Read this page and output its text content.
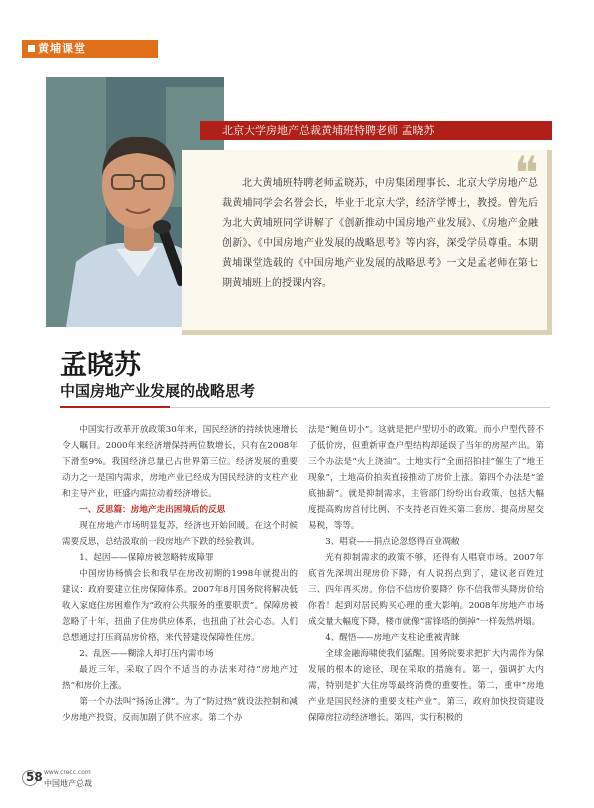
黄埔课堂
北京大学房地产总裁黄埔班特聘老师 孟晓苏
❝

北大黄埔班特聘老师孟晓苏，中房集团理事长、北京大学房地产总裁黄埔同学会名誉会长，毕业于北京大学，经济学博士，教授。曾先后为北大黄埔班同学讲解了《创新推动中国房地产业发展》、《房地产金融创新》、《中国房地产业发展的战略思考》等内容，深受学员尊重。本期黄埔课堂选载的《中国房地产业发展的战略思考》一文是孟老师在第七期黄埔班上的授课内容。

孟晓苏
中国房地产业发展的战略思考

中国实行改革开放政策30年来，国民经济的持续快速增长令人瞩目。2000年来经济增保持两位数增长，只有在2008年下滑至9%。我国经济总量已占世界第三位。经济发展的重要动力之一是国内需求，房地产业已经成为国民经济的支柱产业和主导产业，旺盛内需拉动着经济增长。

一、反思篇：房地产走出困境后的反思

现在房地产市场明显复苏，经济也开始回暖。在这个时候需要反思，总结汲取前一段房地产下跌的经验教训。

1、起因——保障房被忽略转成障罪

中国房协杨慎会长和我早在房改初期的1998年就提出的建议：政府要建立住房保障体系。2007年8月国务院将解决低收入家庭住房困难作为“政府公共服务的重要职责”。保障房被忽略了十年，扭曲了住房供应体系，也扭曲了社会心态。人们总想通过打压商品房价格，来代替建设保障性住房。

2、乱医——糊涂人却打压内需市场

最近三年，采取了四个不适当的办法来对待“房地产过热”和房价上涨。

第一个办法叫“扬汤止沸”。为了“防过热”就设法控制和减少房地产投资，反而加剧了供不应求。第二个办

法是“鲍鱼切小”。这就是把户型切小的政策。而小户型代替不了低价房，但重新审查户型结构却延误了当年的房屋产出。第三个办法是“火上浇油”。土地实行“全面招拍挂”催生了“地王现象”，土地高价拍卖直接推动了房价上涨。第四个办法是“釜底抽薪”。就是抑制需求，主管部门纷纷出台政策，包括大幅度提高购房首付比例、不支持老百姓买第二套房、提高房屋交易税，等等。

3、唱衰——捐点论忽悠得百业凋敝

光有抑制需求的政策不够，还得有人唱衰市场。2007年底首先深圳出现房价下降，有人说拐点到了，建议老百姓过三、四年再买房。你信不信房价要降？你不信我带头降房价给你看！起到对居民购买心理的重大影响。2008年房地产市场成交量大幅度下降，楼市就像“雷锋塔的倒掉”一样轰然坍塌。

4、醒悟——房地产支柱论重被青睐

全球金融海啸使我们猛醒。国务院要求把扩大内需作为保发展的根本的途径，现在采取的措施有。第一，强调扩大内需，特别是扩大住房等最终消费的重要性。第二，重申“房地产业是国民经济的重要支柱产业”。第三，政府加快投资建设保障房拉动经济增长。第四，实行积极的

58 www.crecc.com
中国地产总裁
